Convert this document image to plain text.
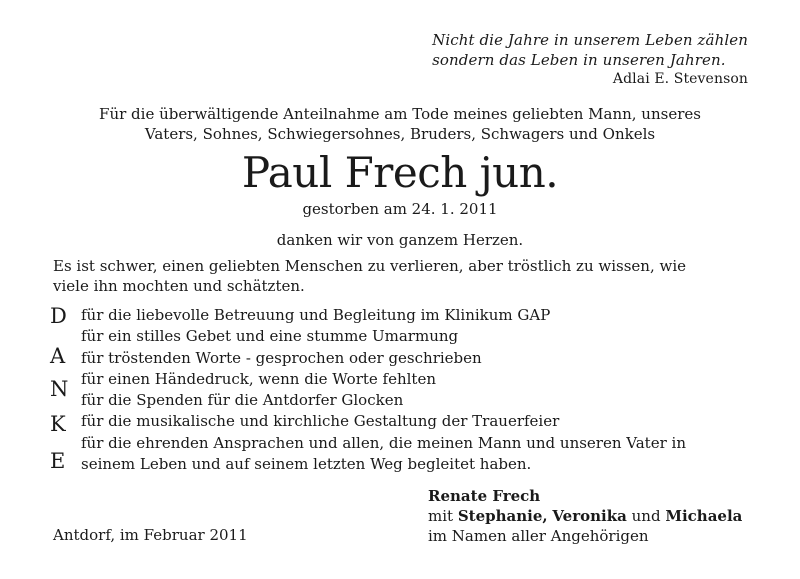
Nicht die Jahre in unserem Leben zählen
sondern das Leben in unseren Jahren.
Adlai E. Stevenson
Für die überwältigende Anteilnahme am Tode meines geliebten Mann, unseres
Vaters, Sohnes, Schwiegersohnes, Bruders, Schwagers und Onkels
Paul Frech jun.
gestorben am 24. 1. 2011
danken wir von ganzem Herzen.
Es ist schwer, einen geliebten Menschen zu verlieren, aber tröstlich zu wissen, wie
viele ihn mochten und schätzten.
D
A
N
K
E
für die liebevolle Betreuung und Begleitung im Klinikum GAP
für ein stilles Gebet und eine stumme Umarmung
für tröstenden Worte - gesprochen oder geschrieben
für einen Händedruck, wenn die Worte fehlten
für die Spenden für die Antdorfer Glocken
für die musikalische und kirchliche Gestaltung der Trauerfeier
für die ehrenden Ansprachen und allen, die meinen Mann und unseren Vater in
seinem Leben und auf seinem letzten Weg begleitet haben.
Antdorf, im Februar 2011
Renate Frech
mit Stephanie, Veronika und Michaela
im Namen aller Angehörigen
